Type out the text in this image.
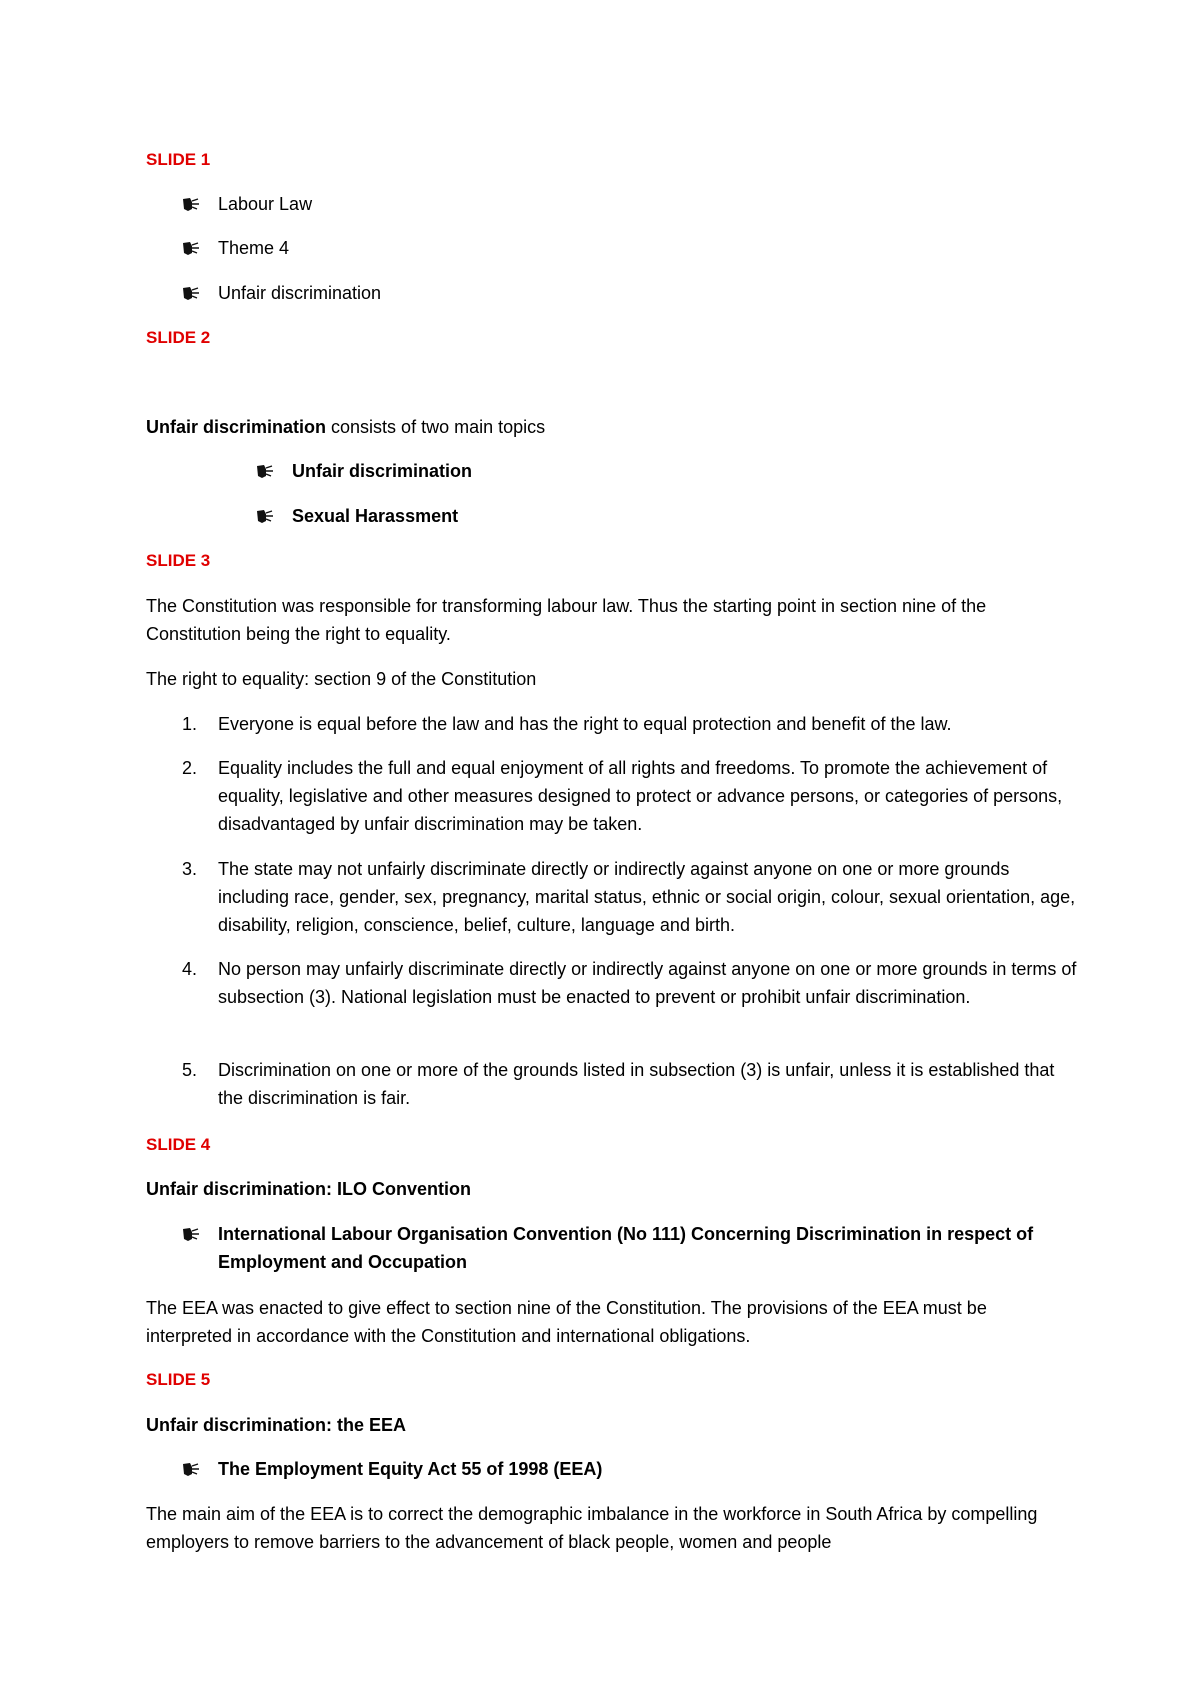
SLIDE 1
Labour Law
Theme 4
Unfair discrimination
SLIDE 2
Unfair discrimination consists of two main topics
Unfair discrimination
Sexual Harassment
SLIDE 3
The Constitution was responsible for transforming labour law. Thus the starting point in section nine of the Constitution being the right to equality.
The right to equality: section 9 of the Constitution
1. Everyone is equal before the law and has the right to equal protection and benefit of the law.
2. Equality includes the full and equal enjoyment of all rights and freedoms. To promote the achievement of equality, legislative and other measures designed to protect or advance persons, or categories of persons, disadvantaged by unfair discrimination may be taken.
3. The state may not unfairly discriminate directly or indirectly against anyone on one or more grounds including race, gender, sex, pregnancy, marital status, ethnic or social origin, colour, sexual orientation, age, disability, religion, conscience, belief, culture, language and birth.
4. No person may unfairly discriminate directly or indirectly against anyone on one or more grounds in terms of subsection (3). National legislation must be enacted to prevent or prohibit unfair discrimination.
5. Discrimination on one or more of the grounds listed in subsection (3) is unfair, unless it is established that the discrimination is fair.
SLIDE 4
Unfair discrimination: ILO Convention
International Labour Organisation Convention (No 111) Concerning Discrimination in respect of Employment and Occupation
The EEA was enacted to give effect to section nine of the Constitution. The provisions of the EEA must be interpreted in accordance with the Constitution and international obligations.
SLIDE 5
Unfair discrimination: the EEA
The Employment Equity Act 55 of 1998 (EEA)
The main aim of the EEA is to correct the demographic imbalance in the workforce in South Africa by compelling employers to remove barriers to the advancement of black people, women and people
